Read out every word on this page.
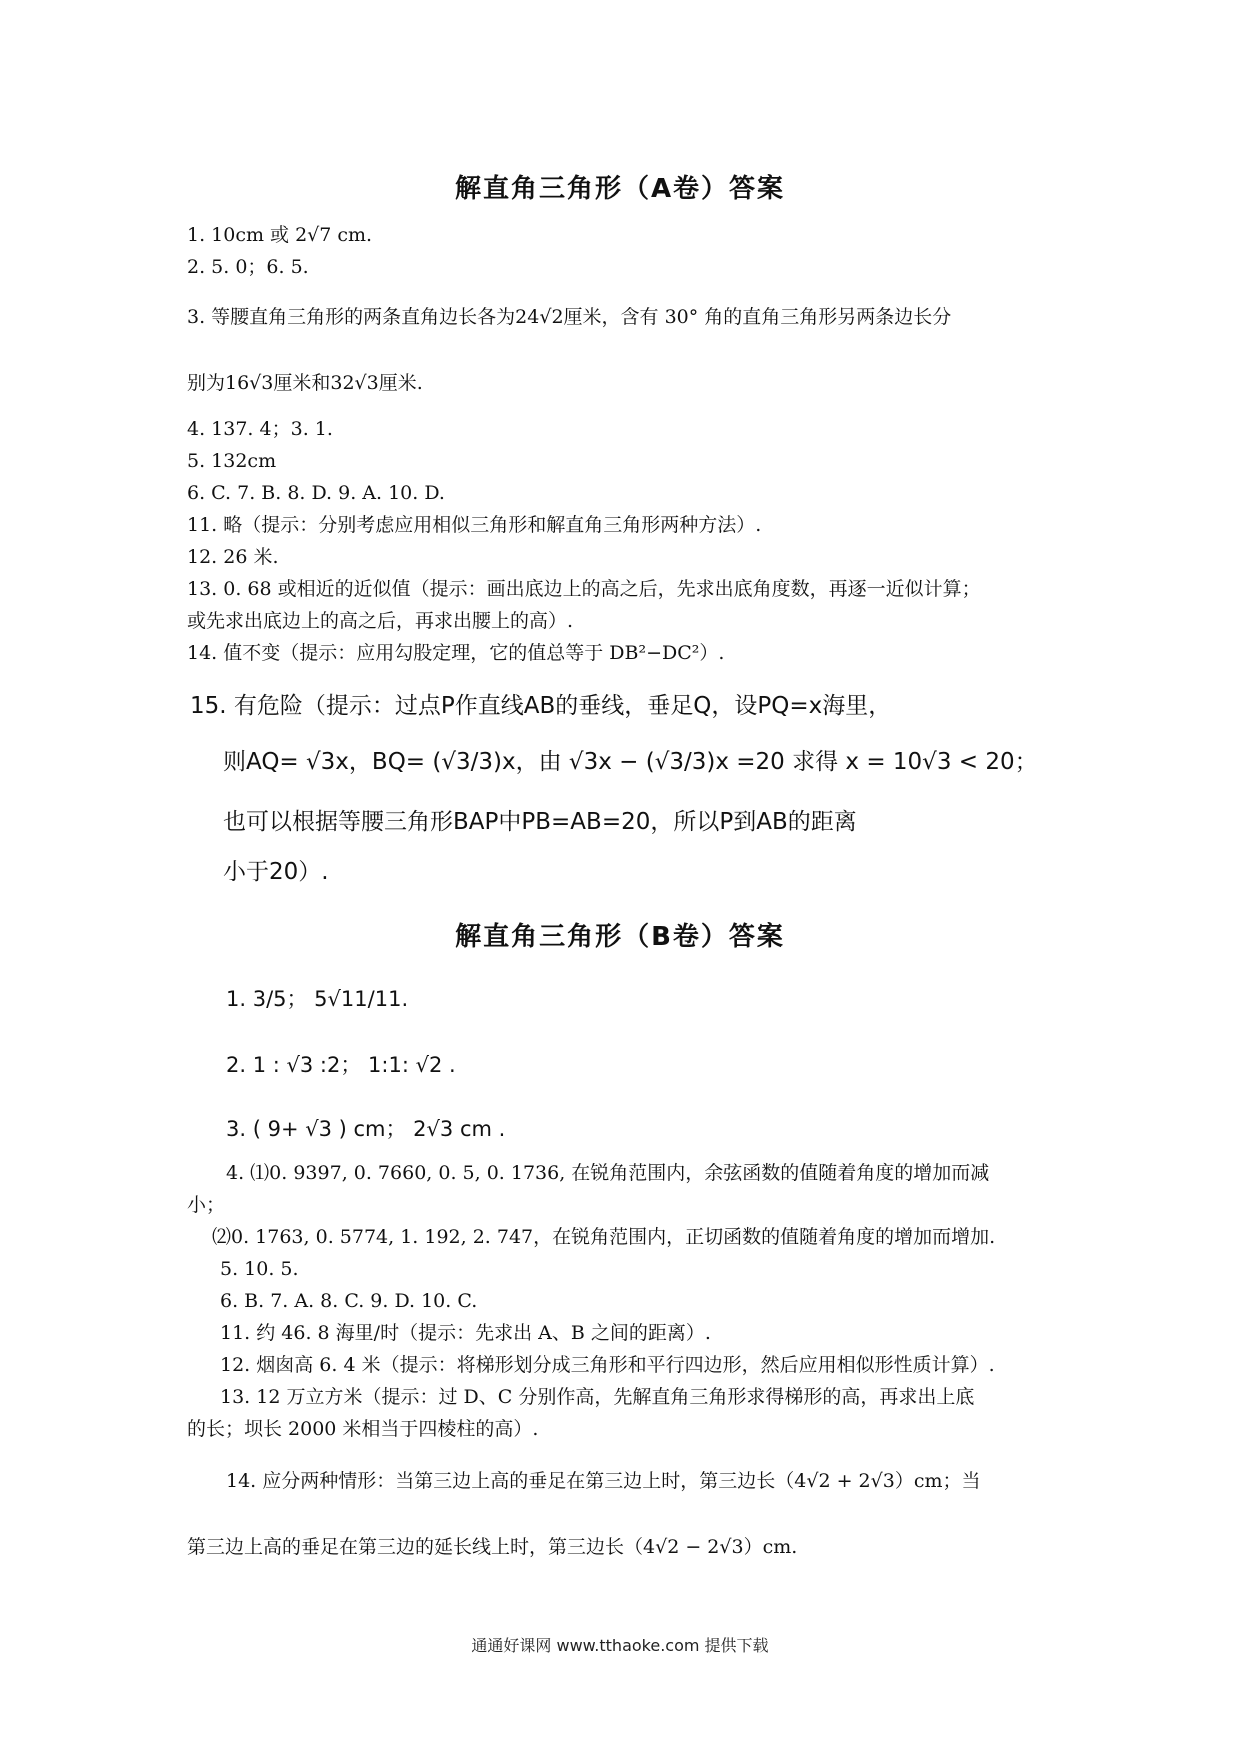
解直角三角形（A卷）答案
1. 10cm 或 2√7 cm.
2. 5. 0；6. 5.
3. 等腰直角三角形的两条直角边长各为24√2厘米，含有 30° 角的直角三角形另两条边长分
别为16√3厘米和32√3厘米.
4. 137. 4；3. 1.
5. 132cm
6. C. 7. B. 8. D. 9. A. 10. D.
11. 略（提示：分别考虑应用相似三角形和解直角三角形两种方法）.
12. 26 米.
13. 0. 68 或相近的近似值（提示：画出底边上的高之后，先求出底角度数，再逐一近似计算；
或先求出底边上的高之后，再求出腰上的高）.
14. 值不变（提示：应用勾股定理，它的值总等于 DB²−DC²）.
15. 有危险（提示：过点P作直线AB的垂线，垂足Q，设PQ=x海里，
则AQ= √3x，BQ= (√3/3)x，由 √3x − (√3/3)x =20 求得 x = 10√3 < 20；
也可以根据等腰三角形BAP中PB=AB=20，所以P到AB的距离
小于20）.
解直角三角形（B卷）答案
1. 3/5； 5√11/11.
2. 1 : √3 :2； 1:1: √2 .
3. ( 9+ √3 ) cm； 2√3 cm .
4. ⑴0. 9397, 0. 7660, 0. 5, 0. 1736, 在锐角范围内，余弦函数的值随着角度的增加而减
小；
⑵0. 1763, 0. 5774, 1. 192, 2. 747，在锐角范围内，正切函数的值随着角度的增加而增加.
5. 10. 5.
6. B. 7. A. 8. C. 9. D. 10. C.
11. 约 46. 8 海里/时（提示：先求出 A、B 之间的距离）.
12. 烟囱高 6. 4 米（提示：将梯形划分成三角形和平行四边形，然后应用相似形性质计算）.
13. 12 万立方米（提示：过 D、C 分别作高，先解直角三角形求得梯形的高，再求出上底
的长；坝长 2000 米相当于四棱柱的高）.
14. 应分两种情形：当第三边上高的垂足在第三边上时，第三边长（4√2 + 2√3）cm；当
第三边上高的垂足在第三边的延长线上时，第三边长（4√2 − 2√3）cm.
通通好课网 www.tthaoke.com 提供下载
